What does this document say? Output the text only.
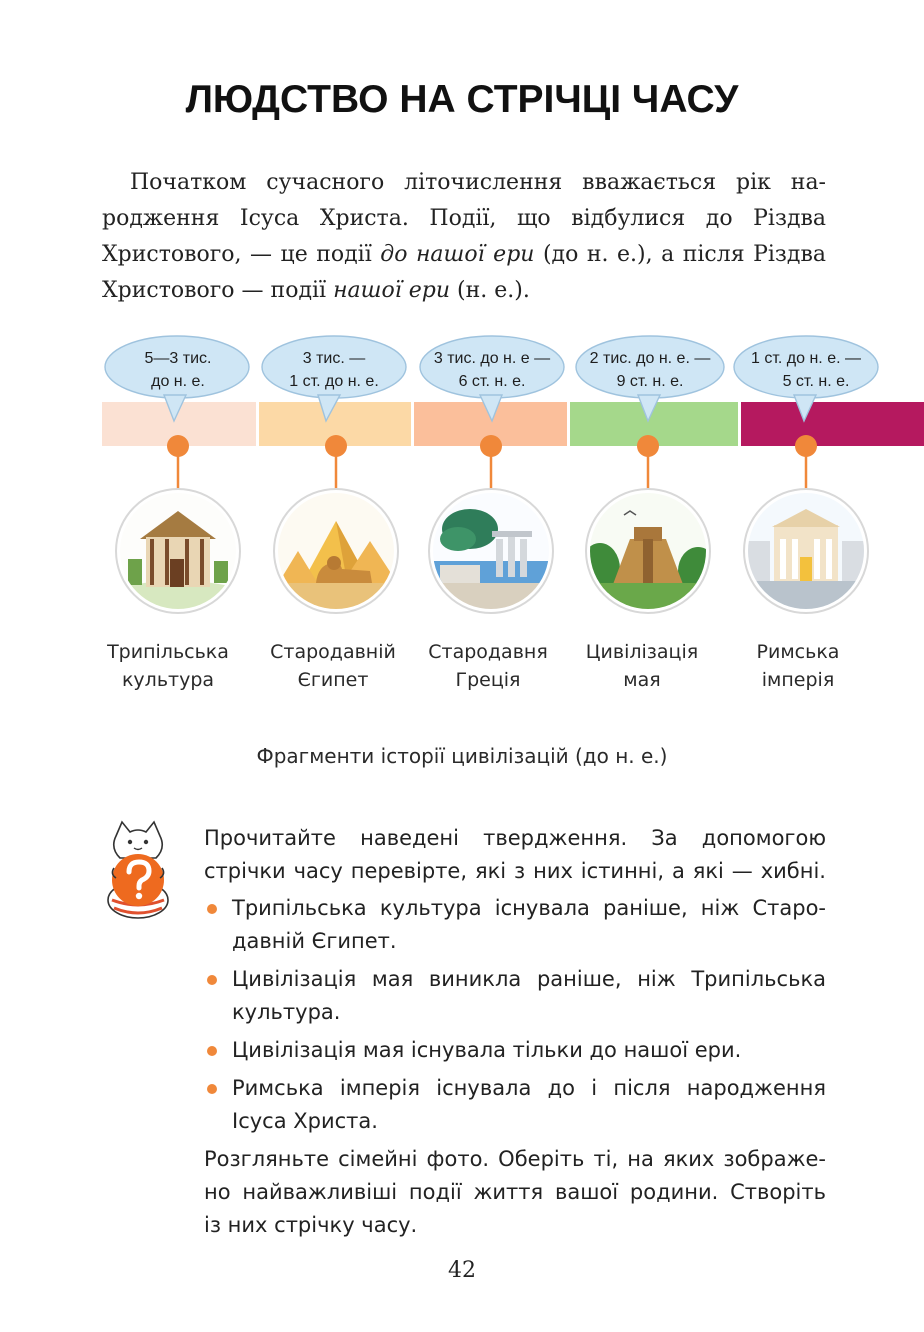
ЛЮДСТВО НА СТРІЧЦІ ЧАСУ
Початком сучасного літочислення вважається рік на-
родження Ісуса Христа. Події, що відбулися до Різдва
Христового, — це події до нашої ери (до н. е.), а після Різдва
Христового — події нашої ери (н. е.).
5—3 тис.
до н. е.
3 тис. —
1 ст. до н. е.
3 тис. до н. е —
6 ст. н. е.
2 тис. до н. е. —
9 ст. н. е.
1 ст. до н. е. —
5 ст. н. е.
Трипільська
культура
Стародавній
Єгипет
Стародавня
Греція
Цивілізація
мая
Римська
імперія
Фрагменти історії цивілізацій (до н. е.)

Прочитайте наведені твердження. За допомогою
стрічки часу перевірте, які з них істинні, а які — хибні.

Трипільська культура існувала раніше, ніж Старо-
давній Єгипет.
Цивілізація мая виникла раніше, ніж Трипільська
культура.
Цивілізація мая існувала тільки до нашої ери.
Римська імперія існувала до і після народження
Ісуса Христа.

Розгляньте сімейні фото. Оберіть ті, на яких зображе-
но найважливіші події життя вашої родини. Створіть
із них стрічку часу.

42
